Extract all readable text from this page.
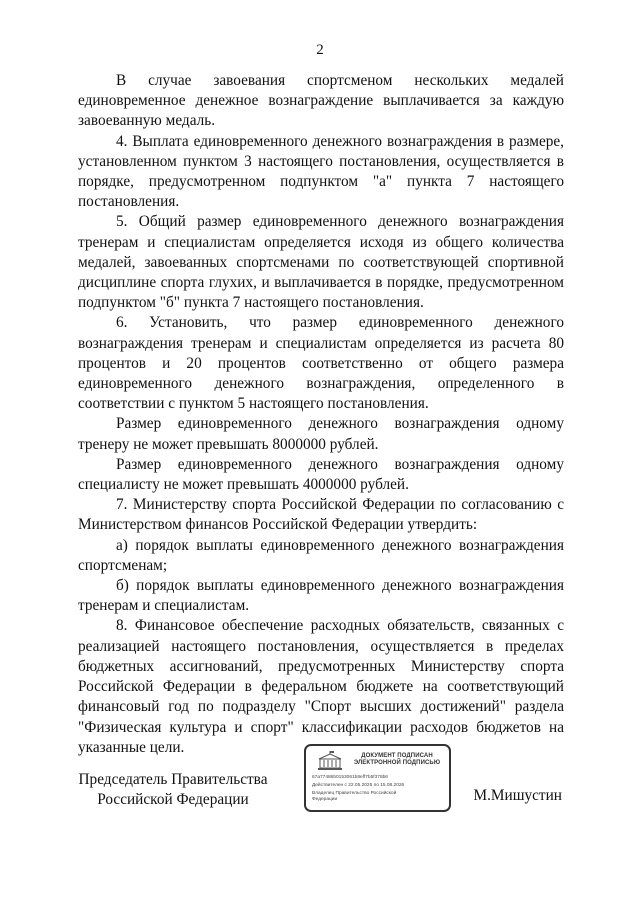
2

В случае завоевания спортсменом нескольких медалей единовременное денежное вознаграждение выплачивается за каждую завоеванную медаль.

4. Выплата единовременного денежного вознаграждения в размере, установленном пунктом 3 настоящего постановления, осуществляется в порядке, предусмотренном подпунктом "а" пункта 7 настоящего постановления.

5. Общий размер единовременного денежного вознаграждения тренерам и специалистам определяется исходя из общего количества медалей, завоеванных спортсменами по соответствующей спортивной дисциплине спорта глухих, и выплачивается в порядке, предусмотренном подпунктом "б" пункта 7 настоящего постановления.

6. Установить, что размер единовременного денежного вознаграждения тренерам и специалистам определяется из расчета 80 процентов и 20 процентов соответственно от общего размера единовременного денежного вознаграждения, определенного в соответствии с пунктом 5 настоящего постановления.

Размер единовременного денежного вознаграждения одному тренеру не может превышать 8000000 рублей.

Размер единовременного денежного вознаграждения одному специалисту не может превышать 4000000 рублей.

7. Министерству спорта Российской Федерации по согласованию с Министерством финансов Российской Федерации утвердить:

а) порядок выплаты единовременного денежного вознаграждения спортсменам;

б) порядок выплаты единовременного денежного вознаграждения тренерам и специалистам.

8. Финансовое обеспечение расходных обязательств, связанных с реализацией настоящего постановления, осуществляется в пределах бюджетных ассигнований, предусмотренных Министерству спорта Российской Федерации в федеральном бюджете на соответствующий финансовый год по подразделу "Спорт высших достижений" раздела "Физическая культура и спорт" классификации расходов бюджетов на указанные цели.

Председатель Правительства
Российской Федерации
ДОКУМЕНТ ПОДПИСАН
ЭЛЕКТРОННОЙ ПОДПИСЬЮ
67a77486b0153061b8eff7b5f378b6
Действителен с 22.05.2025 по 15.08.2026
Владелец Правительство Российской
Федерации	М.Мишустин
